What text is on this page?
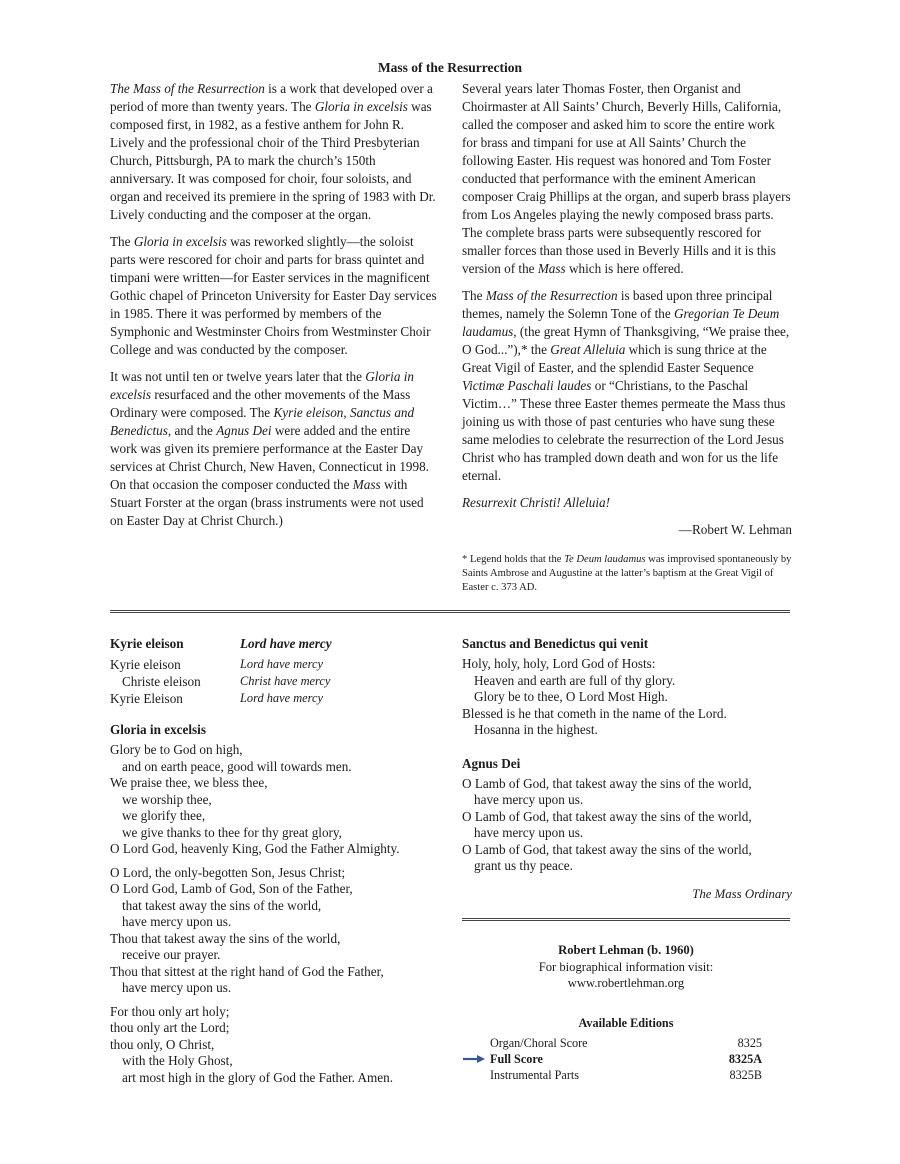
Mass of the Resurrection

The Mass of the Resurrection is a work that developed over a period of more than twenty years. The Gloria in excelsis was composed first, in 1982, as a festive anthem for John R. Lively and the professional choir of the Third Presbyterian Church, Pittsburgh, PA to mark the church’s 150th anniversary. It was composed for choir, four soloists, and organ and received its premiere in the spring of 1983 with Dr. Lively conducting and the composer at the organ.

The Gloria in excelsis was reworked slightly—the soloist parts were rescored for choir and parts for brass quintet and timpani were written—for Easter services in the magnificent Gothic chapel of Princeton University for Easter Day services in 1985. There it was performed by members of the Symphonic and Westminster Choirs from Westminster Choir College and was conducted by the composer.

It was not until ten or twelve years later that the Gloria in excelsis resurfaced and the other movements of the Mass Ordinary were composed. The Kyrie eleison, Sanctus and Benedictus, and the Agnus Dei were added and the entire work was given its premiere performance at the Easter Day services at Christ Church, New Haven, Connecticut in 1998. On that occasion the composer conducted the Mass with Stuart Forster at the organ (brass instruments were not used on Easter Day at Christ Church.)

Several years later Thomas Foster, then Organist and Choirmaster at All Saints’ Church, Beverly Hills, California, called the composer and asked him to score the entire work for brass and timpani for use at All Saints’ Church the following Easter. His request was honored and Tom Foster conducted that performance with the eminent American composer Craig Phillips at the organ, and superb brass players from Los Angeles playing the newly composed brass parts. The complete brass parts were subsequently rescored for smaller forces than those used in Beverly Hills and it is this version of the Mass which is here offered.

The Mass of the Resurrection is based upon three principal themes, namely the Solemn Tone of the Gregorian Te Deum laudamus, (the great Hymn of Thanksgiving, “We praise thee, O God...”),* the Great Alleluia which is sung thrice at the Great Vigil of Easter, and the splendid Easter Sequence Victimæ Paschali laudes or “Christians, to the Paschal Victim…” These three Easter themes permeate the Mass thus joining us with those of past centuries who have sung these same melodies to celebrate the resurrection of the Lord Jesus Christ who has trampled down death and won for us the life eternal.

Resurrexit Christi! Alleluia!

—Robert W. Lehman
* Legend holds that the Te Deum laudamus was improvised spontaneously by Saints Ambrose and Augustine at the latter’s baptism at the Great Vigil of Easter c. 373 AD.
Kyrie eleison	Lord have mercy

Kyrie eleison	Lord have mercy
Christe eleison	Christ have mercy
Kyrie Eleison	Lord have mercy
Gloria in excelsis
Glory be to God on high,
and on earth peace, good will towards men.
We praise thee, we bless thee,
we worship thee,
we glorify thee,
we give thanks to thee for thy great glory,
O Lord God, heavenly King, God the Father Almighty.
O Lord, the only-begotten Son, Jesus Christ;
O Lord God, Lamb of God, Son of the Father,
that takest away the sins of the world,
have mercy upon us.
Thou that takest away the sins of the world,
receive our prayer.
Thou that sittest at the right hand of God the Father,
have mercy upon us.
For thou only art holy;
thou only art the Lord;
thou only, O Christ,
with the Holy Ghost,
art most high in the glory of God the Father. Amen.
Sanctus and Benedictus qui venit
Holy, holy, holy, Lord God of Hosts:
Heaven and earth are full of thy glory.
Glory be to thee, O Lord Most High.
Blessed is he that cometh in the name of the Lord.
Hosanna in the highest.
Agnus Dei
O Lamb of God, that takest away the sins of the world,
have mercy upon us.
O Lamb of God, that takest away the sins of the world,
have mercy upon us.
O Lamb of God, that takest away the sins of the world,
grant us thy peace.
The Mass Ordinary
Robert Lehman (b. 1960)
For biographical information visit:
www.robertlehman.org
Available Editions
Organ/Choral Score	8325
Full Score	8325A
Instrumental Parts	8325B
